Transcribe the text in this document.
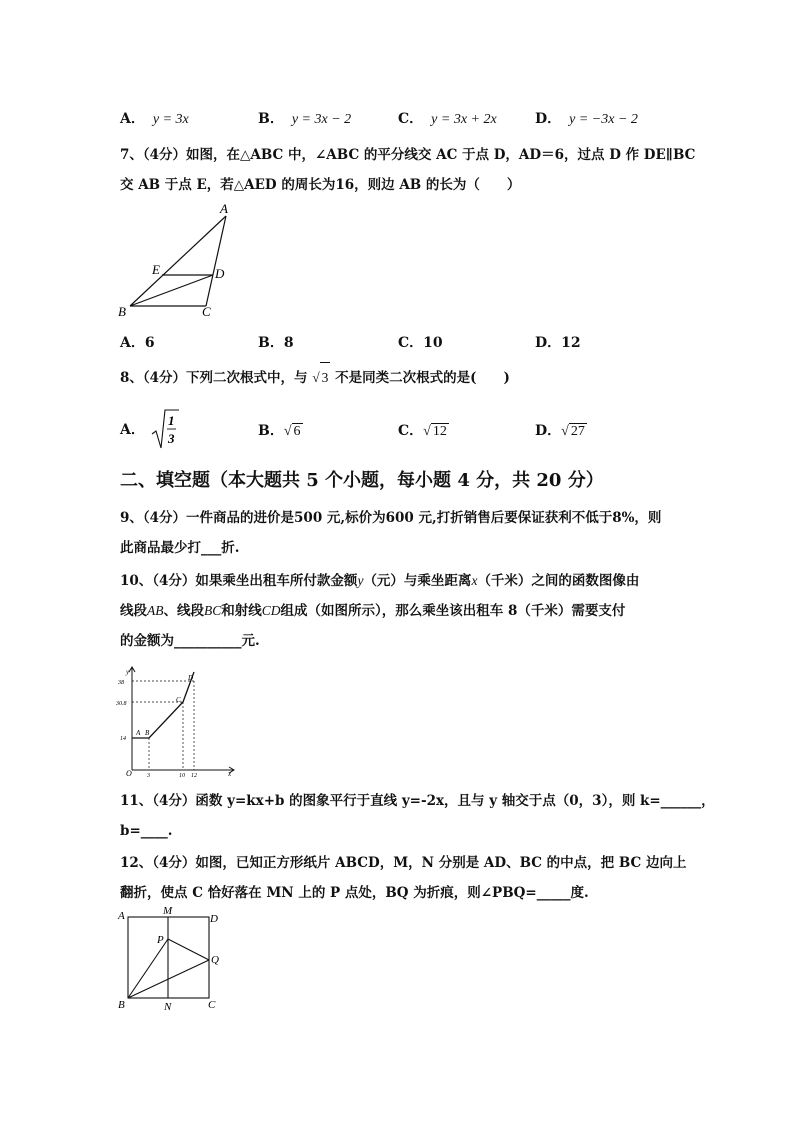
A． y = 3x	B． y = 3x − 2	C． y = 3x + 2x	D． y = −3x − 2
7、（4分）如图，在△ABC 中，∠ABC 的平分线交 AC 于点 D，AD＝6，过点 D 作 DE∥BC
交 AB 于点 E，若△AED 的周长为16，则边 AB 的长为（　　）
A
E	D
B	C
A．6	B．8	C．10	D．12
8、（4分）下列二次根式中，与 √ 3 不是同类二次根式的是(　　)
A．
1
3	B．√ 6	C．√ 12	D．√ 27
二、填空题（本大题共 5 个小题，每小题 4 分，共 20 分）
9、（4分）一件商品的进价是500 元,标价为600 元,打折销售后要保证获利不低于8%，则
此商品最少打___折.
10、（4分）如果乘坐出租车所付款金额y（元）与乘坐距离x（千米）之间的函数图像由
线段AB、线段BC和射线CD组成（如图所示），那么乘坐该出租车 8（千米）需要支付
的金额为__________元.
y
x
O
38
30.8
14
3	10 12
A B
C
D
11、（4分）函数 y=kx+b 的图象平行于直线 y=-2x，且与 y 轴交于点（0，3），则 k=______，
b=____.
12、（4分）如图，已知正方形纸片 ABCD，M，N 分别是 AD、BC 的中点，把 BC 边向上
翻折，使点 C 恰好落在 MN 上的 P 点处，BQ 为折痕，则∠PBQ=_____度.
A	M
D
P
Q
B	N	C
